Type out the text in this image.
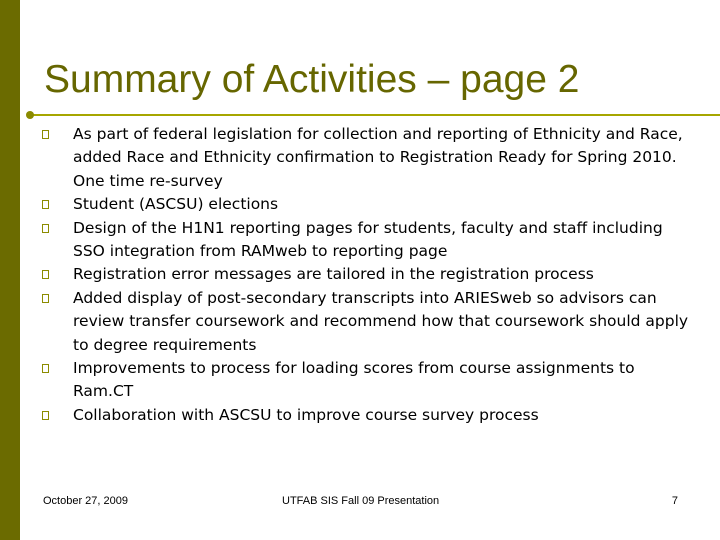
Summary of Activities – page 2
As part of federal legislation for collection and reporting of Ethnicity and Race, added Race and Ethnicity confirmation to Registration Ready for Spring 2010. One time re-survey
Student (ASCSU) elections
Design of the H1N1 reporting pages for students, faculty and staff including SSO integration from RAMweb to reporting page
Registration error messages are tailored in the registration process
Added display of post-secondary transcripts into ARIESweb so advisors can review transfer coursework and recommend how that coursework should apply to degree requirements
Improvements to process for loading scores from course assignments to Ram.CT
Collaboration with ASCSU to improve course survey process
October 27, 2009	UTFAB SIS Fall 09 Presentation	7
